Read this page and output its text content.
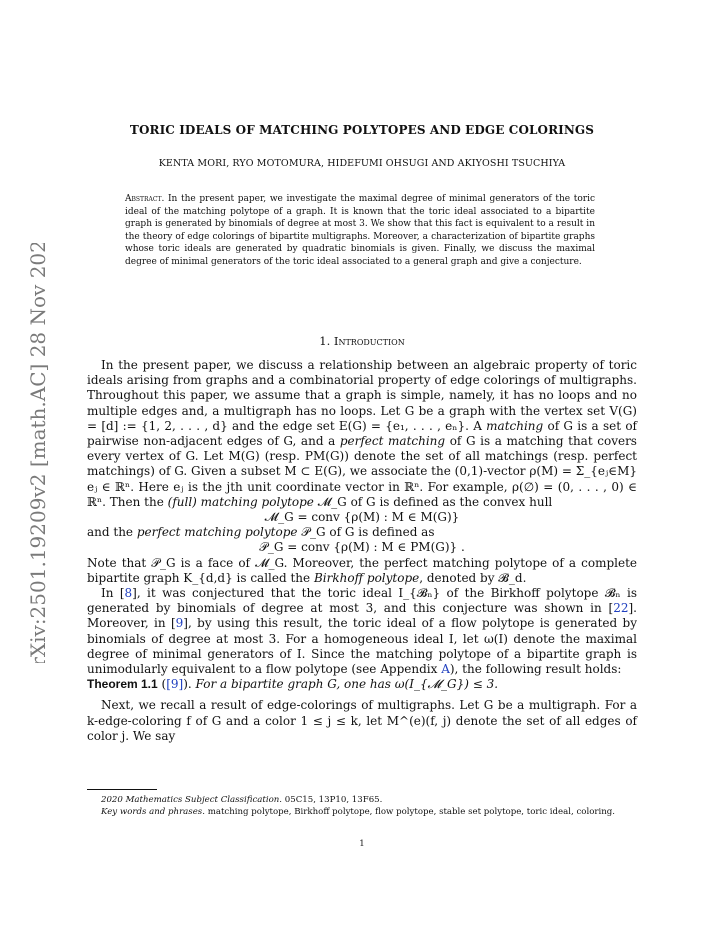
arXiv:2501.19209v2 [math.AC] 28 Nov 2025
TORIC IDEALS OF MATCHING POLYTOPES AND EDGE COLORINGS
KENTA MORI, RYO MOTOMURA, HIDEFUMI OHSUGI AND AKIYOSHI TSUCHIYA
Abstract. In the present paper, we investigate the maximal degree of minimal generators of the toric ideal of the matching polytope of a graph. It is known that the toric ideal associated to a bipartite graph is generated by binomials of degree at most 3. We show that this fact is equivalent to a result in the theory of edge colorings of bipartite multigraphs. Moreover, a characterization of bipartite graphs whose toric ideals are generated by quadratic binomials is given. Finally, we discuss the maximal degree of minimal generators of the toric ideal associated to a general graph and give a conjecture.
1. Introduction

In the present paper, we discuss a relationship between an algebraic property of toric ideals arising from graphs and a combinatorial property of edge colorings of multigraphs. Throughout this paper, we assume that a graph is simple, namely, it has no loops and no multiple edges and, a multigraph has no loops. Let G be a graph with the vertex set V(G) = [d] := {1, 2, . . . , d} and the edge set E(G) = {e₁, . . . , eₙ}. A matching of G is a set of pairwise non-adjacent edges of G, and a perfect matching of G is a matching that covers every vertex of G. Let M(G) (resp. PM(G)) denote the set of all matchings (resp. perfect matchings) of G. Given a subset M ⊂ E(G), we associate the (0,1)-vector ρ(M) = Σ_{eⱼ∈M} eⱼ ∈ ℝⁿ. Here eⱼ is the jth unit coordinate vector in ℝⁿ. For example, ρ(∅) = (0, . . . , 0) ∈ ℝⁿ. Then the (full) matching polytope 𝓜_G of G is defined as the convex hull

𝓜_G = conv {ρ(M) : M ∈ M(G)}

and the perfect matching polytope 𝒫_G of G is defined as

𝒫_G = conv {ρ(M) : M ∈ PM(G)} .

Note that 𝒫_G is a face of 𝓜_G. Moreover, the perfect matching polytope of a complete bipartite graph K_{d,d} is called the Birkhoff polytope, denoted by 𝓑_d.

In [8], it was conjectured that the toric ideal I_{𝓑ₙ} of the Birkhoff polytope 𝓑ₙ is generated by binomials of degree at most 3, and this conjecture was shown in [22]. Moreover, in [9], by using this result, the toric ideal of a flow polytope is generated by binomials of degree at most 3. For a homogeneous ideal I, let ω(I) denote the maximal degree of minimal generators of I. Since the matching polytope of a bipartite graph is unimodularly equivalent to a flow polytope (see Appendix A), the following result holds:

Theorem 1.1 ([9]). For a bipartite graph G, one has ω(I_{𝓜_G}) ≤ 3.

Next, we recall a result of edge-colorings of multigraphs. Let G be a multigraph. For a k-edge-coloring f of G and a color 1 ≤ j ≤ k, let M^(e)(f, j) denote the set of all edges of color j. We say

2020 Mathematics Subject Classification. 05C15, 13P10, 13F65.

Key words and phrases. matching polytope, Birkhoff polytope, flow polytope, stable set polytope, toric ideal, coloring.

1
